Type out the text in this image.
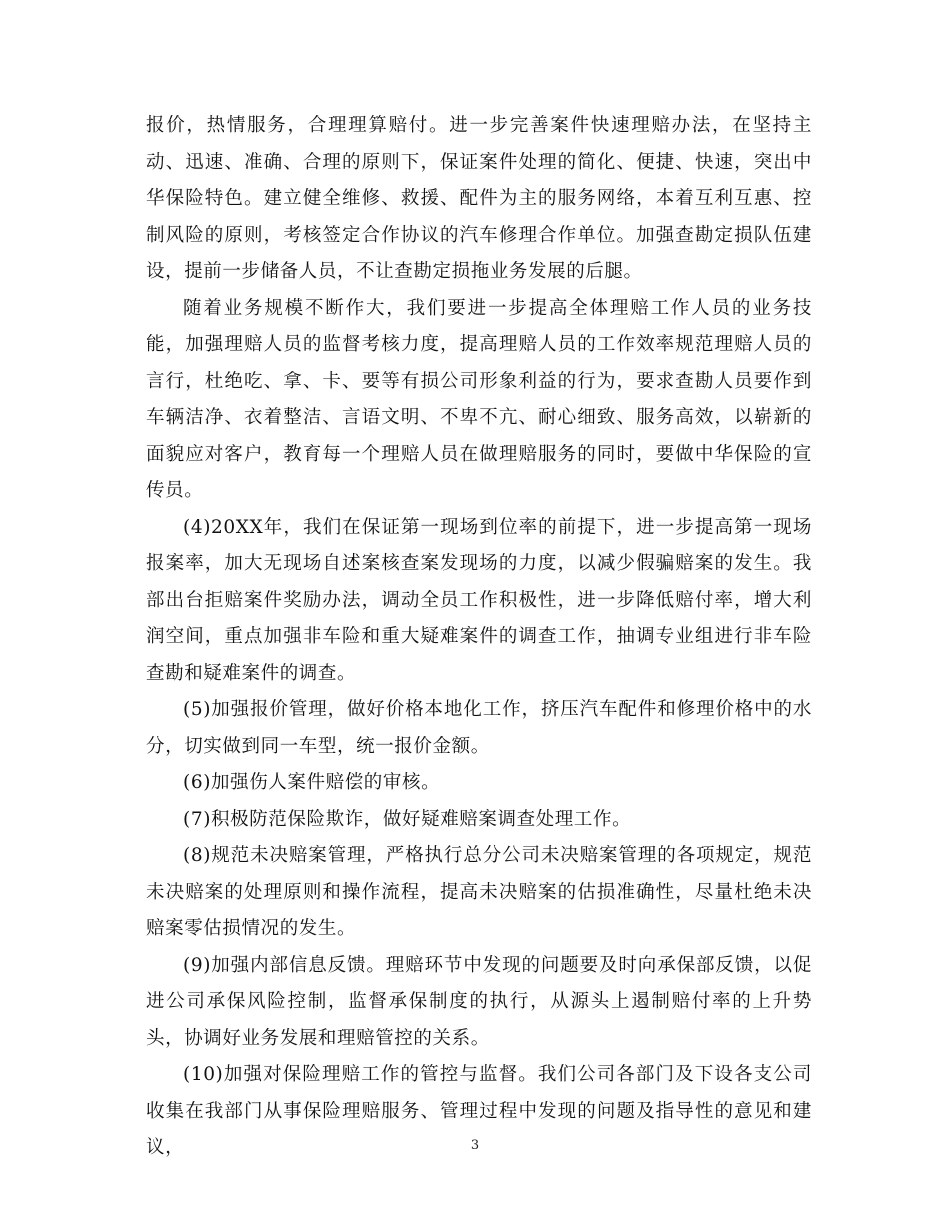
报价，热情服务，合理理算赔付。进一步完善案件快速理赔办法，在坚持主动、迅速、准确、合理的原则下，保证案件处理的简化、便捷、快速，突出中华保险特色。建立健全维修、救援、配件为主的服务网络，本着互利互惠、控制风险的原则，考核签定合作协议的汽车修理合作单位。加强查勘定损队伍建设，提前一步储备人员，不让查勘定损拖业务发展的后腿。

随着业务规模不断作大，我们要进一步提高全体理赔工作人员的业务技能，加强理赔人员的监督考核力度，提高理赔人员的工作效率规范理赔人员的言行，杜绝吃、拿、卡、要等有损公司形象利益的行为，要求查勘人员要作到车辆洁净、衣着整洁、言语文明、不卑不亢、耐心细致、服务高效，以崭新的面貌应对客户，教育每一个理赔人员在做理赔服务的同时，要做中华保险的宣传员。

(4)20XX年，我们在保证第一现场到位率的前提下，进一步提高第一现场报案率，加大无现场自述案核查案发现场的力度，以减少假骗赔案的发生。我部出台拒赔案件奖励办法，调动全员工作积极性，进一步降低赔付率，增大利润空间，重点加强非车险和重大疑难案件的调查工作，抽调专业组进行非车险查勘和疑难案件的调查。

(5)加强报价管理，做好价格本地化工作，挤压汽车配件和修理价格中的水分，切实做到同一车型，统一报价金额。

(6)加强伤人案件赔偿的审核。

(7)积极防范保险欺诈，做好疑难赔案调查处理工作。

(8)规范未决赔案管理，严格执行总分公司未决赔案管理的各项规定，规范未决赔案的处理原则和操作流程，提高未决赔案的估损准确性，尽量杜绝未决赔案零估损情况的发生。

(9)加强内部信息反馈。理赔环节中发现的问题要及时向承保部反馈，以促进公司承保风险控制，监督承保制度的执行，从源头上遏制赔付率的上升势头，协调好业务发展和理赔管控的关系。

(10)加强对保险理赔工作的管控与监督。我们公司各部门及下设各支公司收集在我部门从事保险理赔服务、管理过程中发现的问题及指导性的意见和建议，	3
